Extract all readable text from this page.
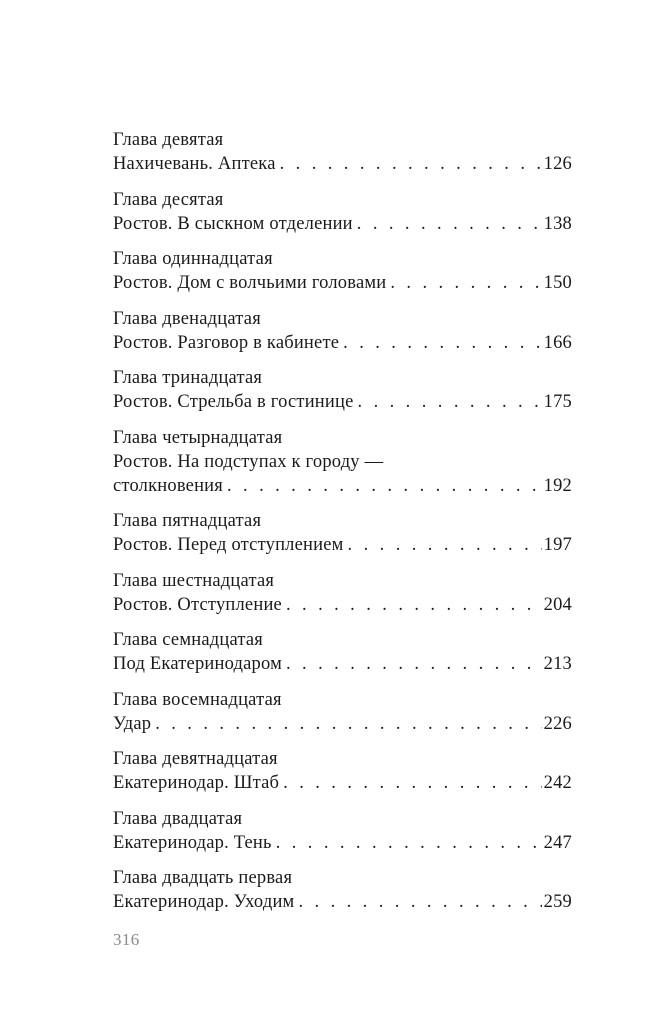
Глава девятая
Нахичевань. Аптека . . .	126
Глава десятая
Ростов. В сыскном отделении . . .	138
Глава одиннадцатая
Ростов. Дом с волчьими головами . . .	150
Глава двенадцатая
Ростов. Разговор в кабинете . . .	166
Глава тринадцатая
Ростов. Стрельба в гостинице . . .	175
Глава четырнадцатая
Ростов. На подступах к городу —
столкновения . . .	192
Глава пятнадцатая
Ростов. Перед отступлением . . .	197
Глава шестнадцатая
Ростов. Отступление . . .	204
Глава семнадцатая
Под Екатеринодаром . . .	213
Глава восемнадцатая
Удар . . .	226
Глава девятнадцатая
Екатеринодар. Штаб . . .	242
Глава двадцатая
Екатеринодар. Тень . . .	247
Глава двадцать первая
Екатеринодар. Уходим . . .	259
316
